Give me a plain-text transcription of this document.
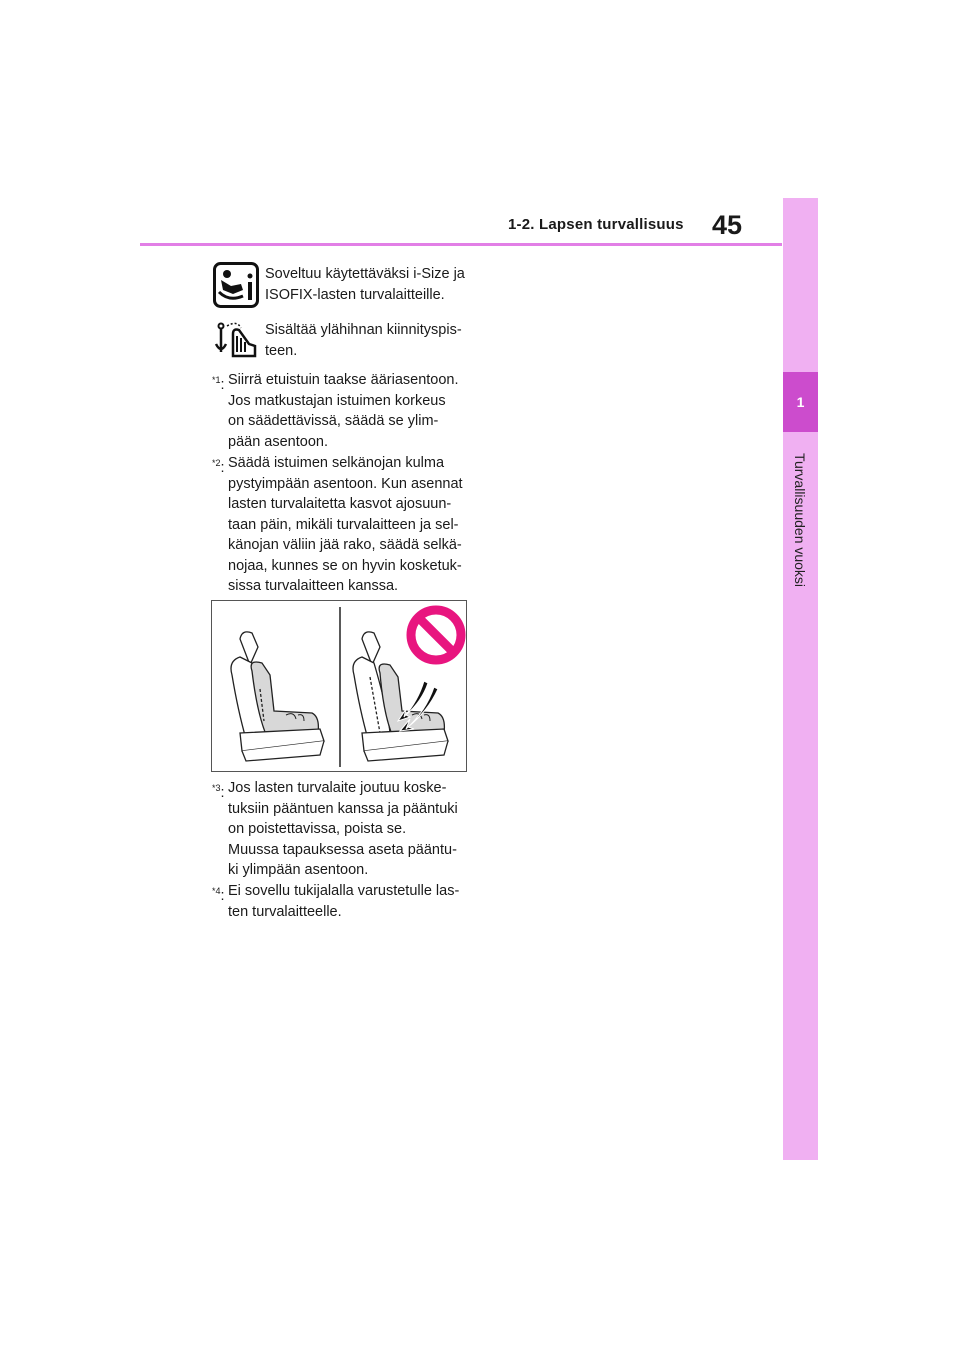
1-2. Lapsen turvallisuus 45
1
Turvallisuuden vuoksi
Soveltuu käytettäväksi i-Size ja ISOFIX-lasten turvalaitteille.
Sisältää ylähihnan kiinnityspis-teen.
$^{*1}$: Siirrä etuistuin taakse ääriasentoon.
Jos matkustajan istuimen korkeus
on säädettävissä, säädä se ylim-
pään asentoon.
$^{*2}$: Säädä istuimen selkänojan kulma
pystyimpään asentoon. Kun asennat
lasten turvalaitetta kasvot ajosuun-
taan päin, mikäli turvalaitteen ja sel-
känojan väliin jää rako, säädä selkä-
nojaa, kunnes se on hyvin kosketuk-
sissa turvalaitteen kanssa.
$^{*3}$: Jos lasten turvalaite joutuu koske-
tuksiin pääntuen kanssa ja pääntuki
on poistettavissa, poista se.
Muussa tapauksessa aseta pääntu-
ki ylimpään asentoon.
$^{*4}$: Ei sovellu tukijalalla varustetulle las-
ten turvalaitteelle.
